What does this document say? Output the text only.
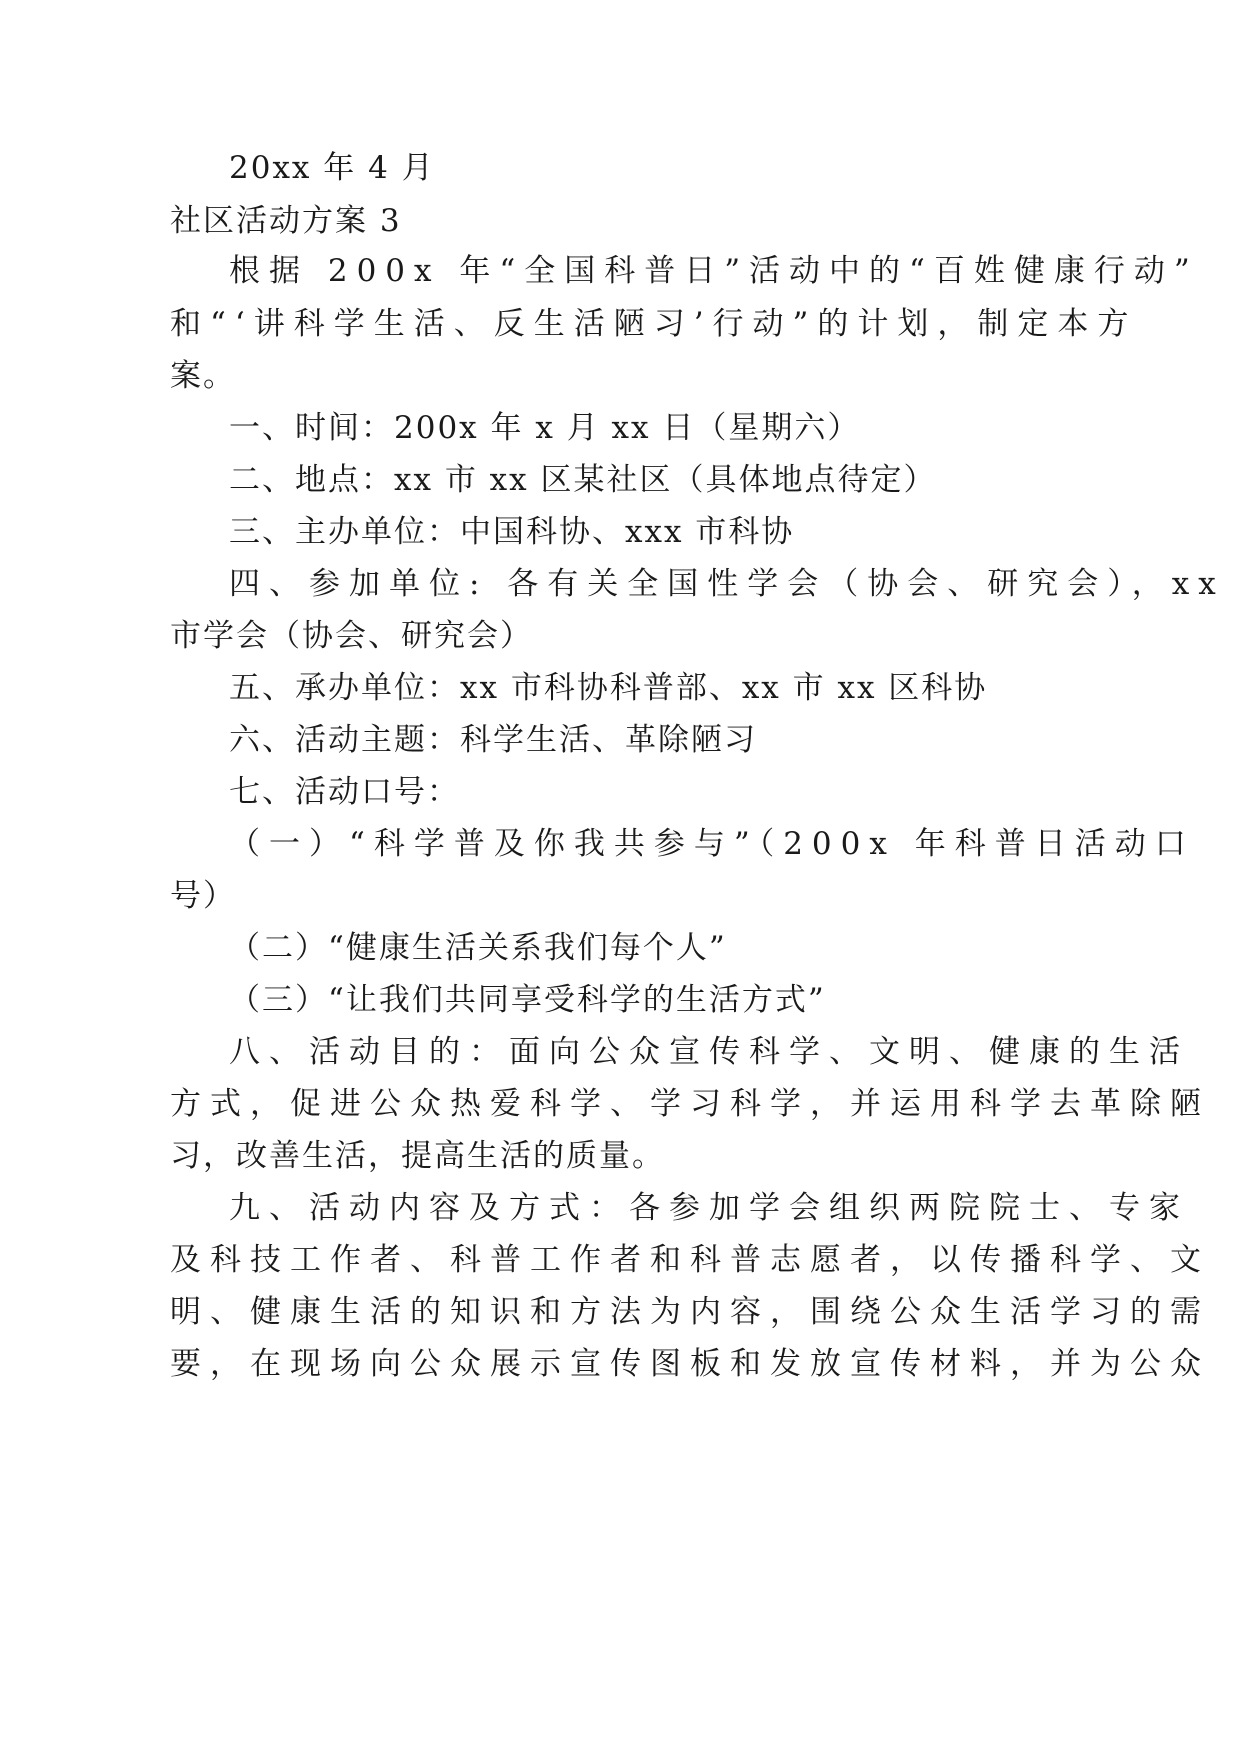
20xx 年 4 月
社区活动方案 3
根据 200x 年“全国科普日”活动中的“百姓健康行动”
和“‘讲科学生活、反生活陋习’行动”的计划，制定本方
案。
一、时间：200x 年 x 月 xx 日（星期六）
二、地点：xx 市 xx 区某社区（具体地点待定）
三、主办单位：中国科协、xxx 市科协
四、参加单位: 各有关全国性学会（协会、研究会），xx
市学会（协会、研究会）
五、承办单位：xx 市科协科普部、xx 市 xx 区科协
六、活动主题：科学生活、革除陋习
七、活动口号：
（一）“科学普及你我共参与”（200x 年科普日活动口
号）
（二）“健康生活关系我们每个人”
（三）“让我们共同享受科学的生活方式”
八、活动目的：面向公众宣传科学、文明、健康的生活
方式，促进公众热爱科学、学习科学，并运用科学去革除陋
习，改善生活，提高生活的质量。
九、活动内容及方式：各参加学会组织两院院士、专家
及科技工作者、科普工作者和科普志愿者，以传播科学、文
明、健康生活的知识和方法为内容，围绕公众生活学习的需
要，在现场向公众展示宣传图板和发放宣传材料，并为公众
